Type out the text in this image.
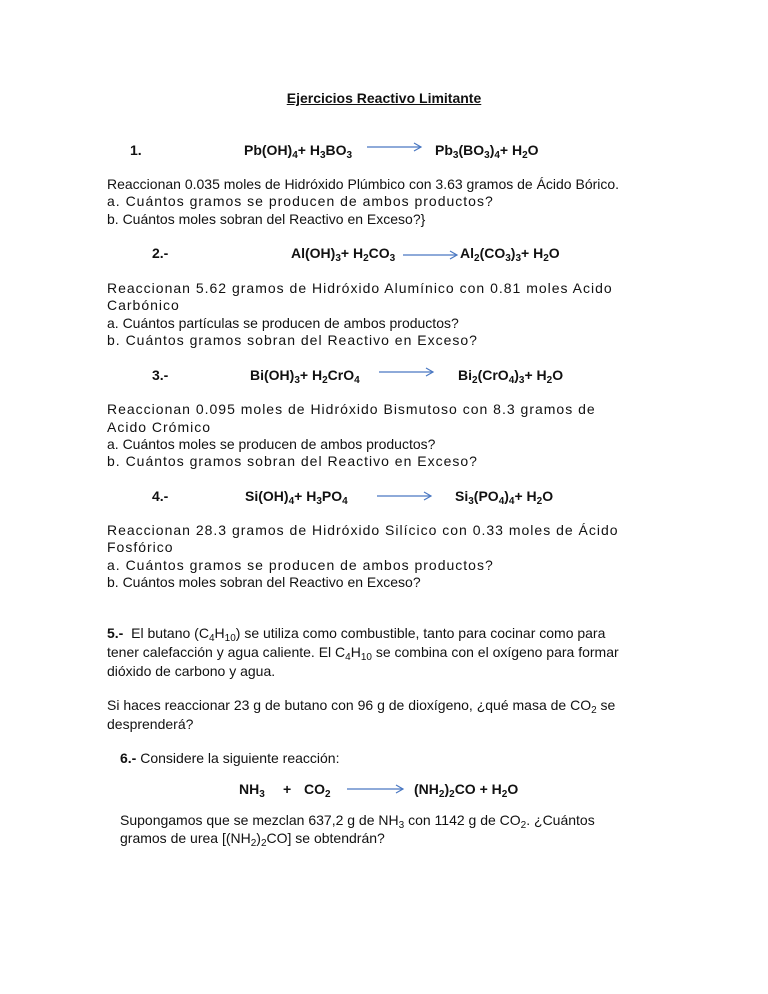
Ejercicios Reactivo Limitante
1.	$Pb(OH)_4+ H_3BO_3 \to Pb_3(BO_3)_4+ H_2O$
Reaccionan 0.035 moles de Hidróxido Plúmbico con 3.63 gramos de Ácido Bórico.
a. Cuántos gramos se producen de ambos productos?
b. Cuántos moles sobran del Reactivo en Exceso?}
2.-	$Al(OH)_3+ H_2CO_3 \to Al_2(CO_3)_3+ H_2O$
Reaccionan 5.62 gramos de Hidróxido Alumínico con 0.81 moles Acido
Carbónico
a. Cuántos partículas se producen de ambos productos?
b. Cuántos gramos sobran del Reactivo en Exceso?
3.-	$Bi(OH)_3+ H_2CrO_4 \to Bi_2(CrO_4)_3+ H_2O$
Reaccionan 0.095 moles de Hidróxido Bismutoso con 8.3 gramos de
Acido Crómico
a. Cuántos moles se producen de ambos productos?
b. Cuántos gramos sobran del Reactivo en Exceso?
4.-	$Si(OH)_4+ H_3PO_4 \to Si_3(PO_4)_4+ H_2O$
Reaccionan 28.3 gramos de Hidróxido Silícico con 0.33 moles de Ácido
Fosfórico
a. Cuántos gramos se producen de ambos productos?
b. Cuántos moles sobran del Reactivo en Exceso?
5.- El butano $(C_4H_{10})$ se utiliza como combustible, tanto para cocinar como para
tener calefacción y agua caliente. El $C_4H_{10}$ se combina con el oxígeno para formar
dióxido de carbono y agua.
Si haces reaccionar 23 g de butano con 96 g de dioxígeno, ¿qué masa de $CO_2$ se
desprenderá?
6.- Considere la siguiente reacción:
$NH_3 + CO_2 \to (NH_2)_2CO + H_2O$
Supongamos que se mezclan 637,2 g de $NH_3$ con 1142 g de $CO_2$. ¿Cuántos
gramos de urea $[(NH_2)_2CO]$ se obtendrán?
